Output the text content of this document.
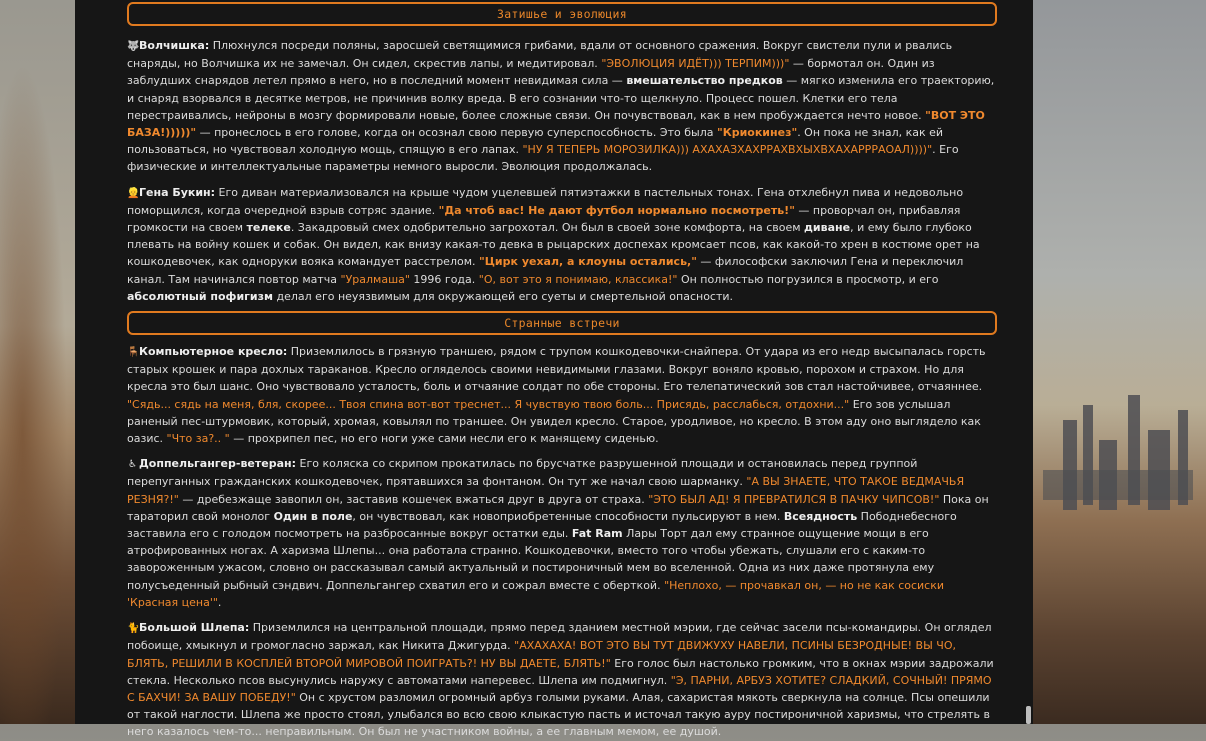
Затишье и эволюция

🐺Волчишка: Плюхнулся посреди поляны, заросшей светящимися грибами, вдали от основного сражения. Вокруг свистели пули и рвались снаряды, но Волчишка их не замечал. Он сидел, скрестив лапы, и медитировал. "ЭВОЛЮЦИЯ ИДЁТ))) ТЕРПИМ)))" — бормотал он. Один из заблудших снарядов летел прямо в него, но в последний момент невидимая сила — вмешательство предков — мягко изменила его траекторию, и снаряд взорвался в десятке метров, не причинив волку вреда. В его сознании что-то щелкнуло. Процесс пошел. Клетки его тела перестраивались, нейроны в мозгу формировали новые, более сложные связи. Он почувствовал, как в нем пробуждается нечто новое. "ВОТ ЭТО БАЗА!)))))" — пронеслось в его голове, когда он осознал свою первую суперспособность. Это была "Криокинез". Он пока не знал, как ей пользоваться, но чувствовал холодную мощь, спящую в его лапах. "НУ Я ТЕПЕРЬ МОРОЗИЛКА))) АХАХАЗХАХРРАХВХЫХВХАХАРРРАОАЛ))))". Его физические и интеллектуальные параметры немного выросли. Эволюция продолжалась.

👱Гена Букин: Его диван материализовался на крыше чудом уцелевшей пятиэтажки в пастельных тонах. Гена отхлебнул пива и недовольно поморщился, когда очередной взрыв сотряс здание. "Да чтоб вас! Не дают футбол нормально посмотреть!" — проворчал он, прибавляя громкости на своем телеке. Закадровый смех одобрительно загрохотал. Он был в своей зоне комфорта, на своем диване, и ему было глубоко плевать на войну кошек и собак. Он видел, как внизу какая-то девка в рыцарских доспехах кромсает псов, как какой-то хрен в костюме орет на кошкодевочек, как одноруки вояка командует расстрелом. "Цирк уехал, а клоуны остались," — философски заключил Гена и переключил канал. Там начинался повтор матча "Уралмаша" 1996 года. "О, вот это я понимаю, классика!" Он полностью погрузился в просмотр, и его абсолютный пофигизм делал его неуязвимым для окружающей его суеты и смертельной опасности.

Странные встречи

🪑Компьютерное кресло: Приземлилось в грязную траншею, рядом с трупом кошкодевочки-снайпера. От удара из его недр высыпалась горсть старых крошек и пара дохлых тараканов. Кресло огляделось своими невидимыми глазами. Вокруг воняло кровью, порохом и страхом. Но для кресла это был шанс. Оно чувствовало усталость, боль и отчаяние солдат по обе стороны. Его телепатический зов стал настойчивее, отчаяннее. "Сядь... сядь на меня, бля, скорее... Твоя спина вот-вот треснет... Я чувствую твою боль... Присядь, расслабься, отдохни..." Его зов услышал раненый пес-штурмовик, который, хромая, ковылял по траншее. Он увидел кресло. Старое, уродливое, но кресло. В этом аду оно выглядело как оазис. "Что за?.. " — прохрипел пес, но его ноги уже сами несли его к манящему сиденью.

♿ Доппельгангер-ветеран: Его коляска со скрипом прокатилась по брусчатке разрушенной площади и остановилась перед группой перепуганных гражданских кошкодевочек, прятавшихся за фонтаном. Он тут же начал свою шарманку. "А ВЫ ЗНАЕТЕ, ЧТО ТАКОЕ ВЕДМАЧЬЯ РЕЗНЯ?!" — дребезжаще завопил он, заставив кошечек вжаться друг в друга от страха. "ЭТО БЫЛ АД! Я ПРЕВРАТИЛСЯ В ПАЧКУ ЧИПСОВ!" Пока он тараторил свой монолог Один в поле, он чувствовал, как новоприобретенные способности пульсируют в нем. Всеядность Пободнебесного заставила его с голодом посмотреть на разбросанные вокруг остатки еды. Fat Ram Лары Торт дал ему странное ощущение мощи в его атрофированных ногах. А харизма Шлепы... она работала странно. Кошкодевочки, вместо того чтобы убежать, слушали его с каким-то завороженным ужасом, словно он рассказывал самый актуальный и постироничный мем во вселенной. Одна из них даже протянула ему полусъеденный рыбный сэндвич. Доппельгангер схватил его и сожрал вместе с оберткой. "Неплохо, — прочавкал он, — но не как сосиски 'Красная цена'".

🐈Большой Шлепа: Приземлился на центральной площади, прямо перед зданием местной мэрии, где сейчас засели псы-командиры. Он оглядел побоище, хмыкнул и громогласно заржал, как Никита Джигурда. "АХАХАХА! ВОТ ЭТО ВЫ ТУТ ДВИЖУХУ НАВЕЛИ, ПСИНЫ БЕЗРОДНЫЕ! ВЫ ЧО, БЛЯТЬ, РЕШИЛИ В КОСПЛЕЙ ВТОРОЙ МИРОВОЙ ПОИГРАТЬ?! НУ ВЫ ДАЕТЕ, БЛЯТЬ!" Его голос был настолько громким, что в окнах мэрии задрожали стекла. Несколько псов высунулись наружу с автоматами наперевес. Шлепа им подмигнул. "Э, ПАРНИ, АРБУЗ ХОТИТЕ? СЛАДКИЙ, СОЧНЫЙ! ПРЯМО С БАХЧИ! ЗА ВАШУ ПОБЕДУ!" Он с хрустом разломил огромный арбуз голыми руками. Алая, сахаристая мякоть сверкнула на солнце. Псы опешили от такой наглости. Шлепа же просто стоял, улыбался во всю свою клыкастую пасть и источал такую ауру постироничной харизмы, что стрелять в него казалось чем-то... неправильным. Он был не участником войны, а ее главным мемом, ее душой.
